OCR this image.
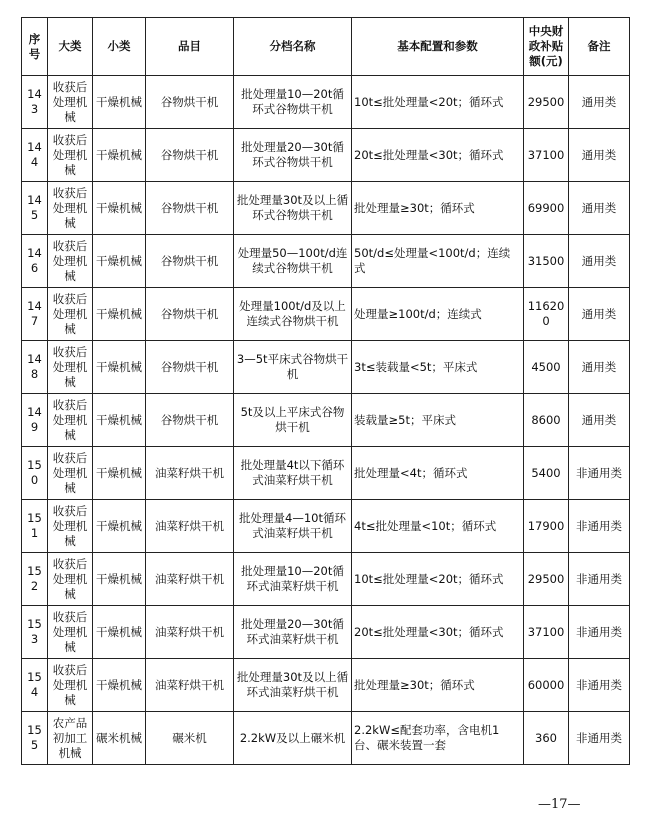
序号	大类	小类	品目	分档名称	基本配置和参数	中央财政补贴额(元)	备注
143	收获后处理机械	干燥机械	谷物烘干机	批处理量10—20t循环式谷物烘干机	10t≤批处理量<20t；循环式	29500	通用类
144	收获后处理机械	干燥机械	谷物烘干机	批处理量20—30t循环式谷物烘干机	20t≤批处理量<30t；循环式	37100	通用类
145	收获后处理机械	干燥机械	谷物烘干机	批处理量30t及以上循环式谷物烘干机	批处理量≥30t；循环式	69900	通用类
146	收获后处理机械	干燥机械	谷物烘干机	处理量50—100t/d连续式谷物烘干机	50t/d≤处理量<100t/d；连续式	31500	通用类
147	收获后处理机械	干燥机械	谷物烘干机	处理量100t/d及以上连续式谷物烘干机	处理量≥100t/d；连续式	116200	通用类
148	收获后处理机械	干燥机械	谷物烘干机	3—5t平床式谷物烘干机	3t≤装载量<5t；平床式	4500	通用类
149	收获后处理机械	干燥机械	谷物烘干机	5t及以上平床式谷物烘干机	装载量≥5t；平床式	8600	通用类
150	收获后处理机械	干燥机械	油菜籽烘干机	批处理量4t以下循环式油菜籽烘干机	批处理量<4t；循环式	5400	非通用类
151	收获后处理机械	干燥机械	油菜籽烘干机	批处理量4—10t循环式油菜籽烘干机	4t≤批处理量<10t；循环式	17900	非通用类
152	收获后处理机械	干燥机械	油菜籽烘干机	批处理量10—20t循环式油菜籽烘干机	10t≤批处理量<20t；循环式	29500	非通用类
153	收获后处理机械	干燥机械	油菜籽烘干机	批处理量20—30t循环式油菜籽烘干机	20t≤批处理量<30t；循环式	37100	非通用类
154	收获后处理机械	干燥机械	油菜籽烘干机	批处理量30t及以上循环式油菜籽烘干机	批处理量≥30t；循环式	60000	非通用类
155	农产品初加工机械	碾米机械	碾米机	2.2kW及以上碾米机	2.2kW≤配套功率，含电机1台、碾米装置一套	360	非通用类
—17—
